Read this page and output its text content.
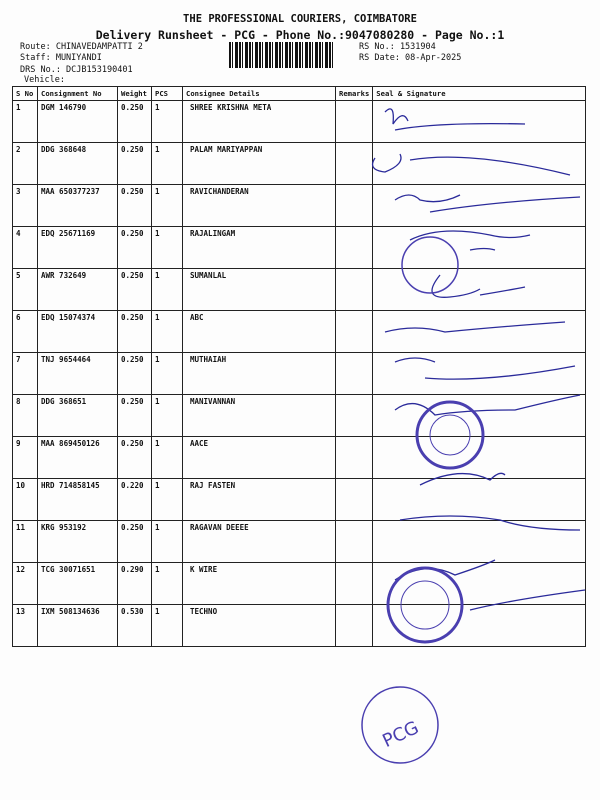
THE PROFESSIONAL COURIERS, COIMBATORE
Delivery Runsheet - PCG - Phone No.:9047080280 - Page No.:1
Route: CHINAVEDAMPATTI 2
Staff: MUNIYANDI
DRS No.: DCJB153190401
Vehicle:
RS No.: 1531904
RS Date: 08-Apr-2025
S No	Consignment No	Weight	PCS	Consignee Details	Remarks	Seal & Signature
1	DGM 146790	0.250	1	SHREE KRISHNA META		
2	DDG 368648	0.250	1	PALAM MARIYAPPAN		
3	MAA 650377237	0.250	1	RAVICHANDERAN		
4	EDQ 25671169	0.250	1	RAJALINGAM		
5	AWR 732649	0.250	1	SUMANLAL		
6	EDQ 15074374	0.250	1	ABC		
7	TNJ 9654464	0.250	1	MUTHAIAH		
8	DDG 368651	0.250	1	MANIVANNAN		
9	MAA 869450126	0.250	1	AACE		
10	HRD 714858145	0.220	1	RAJ FASTEN		
11	KRG 953192	0.250	1	RAGAVAN DEEEE		
12	TCG 30071651	0.290	1	K WIRE		
13	IXM 508134636	0.530	1	TECHNO		
PCG
